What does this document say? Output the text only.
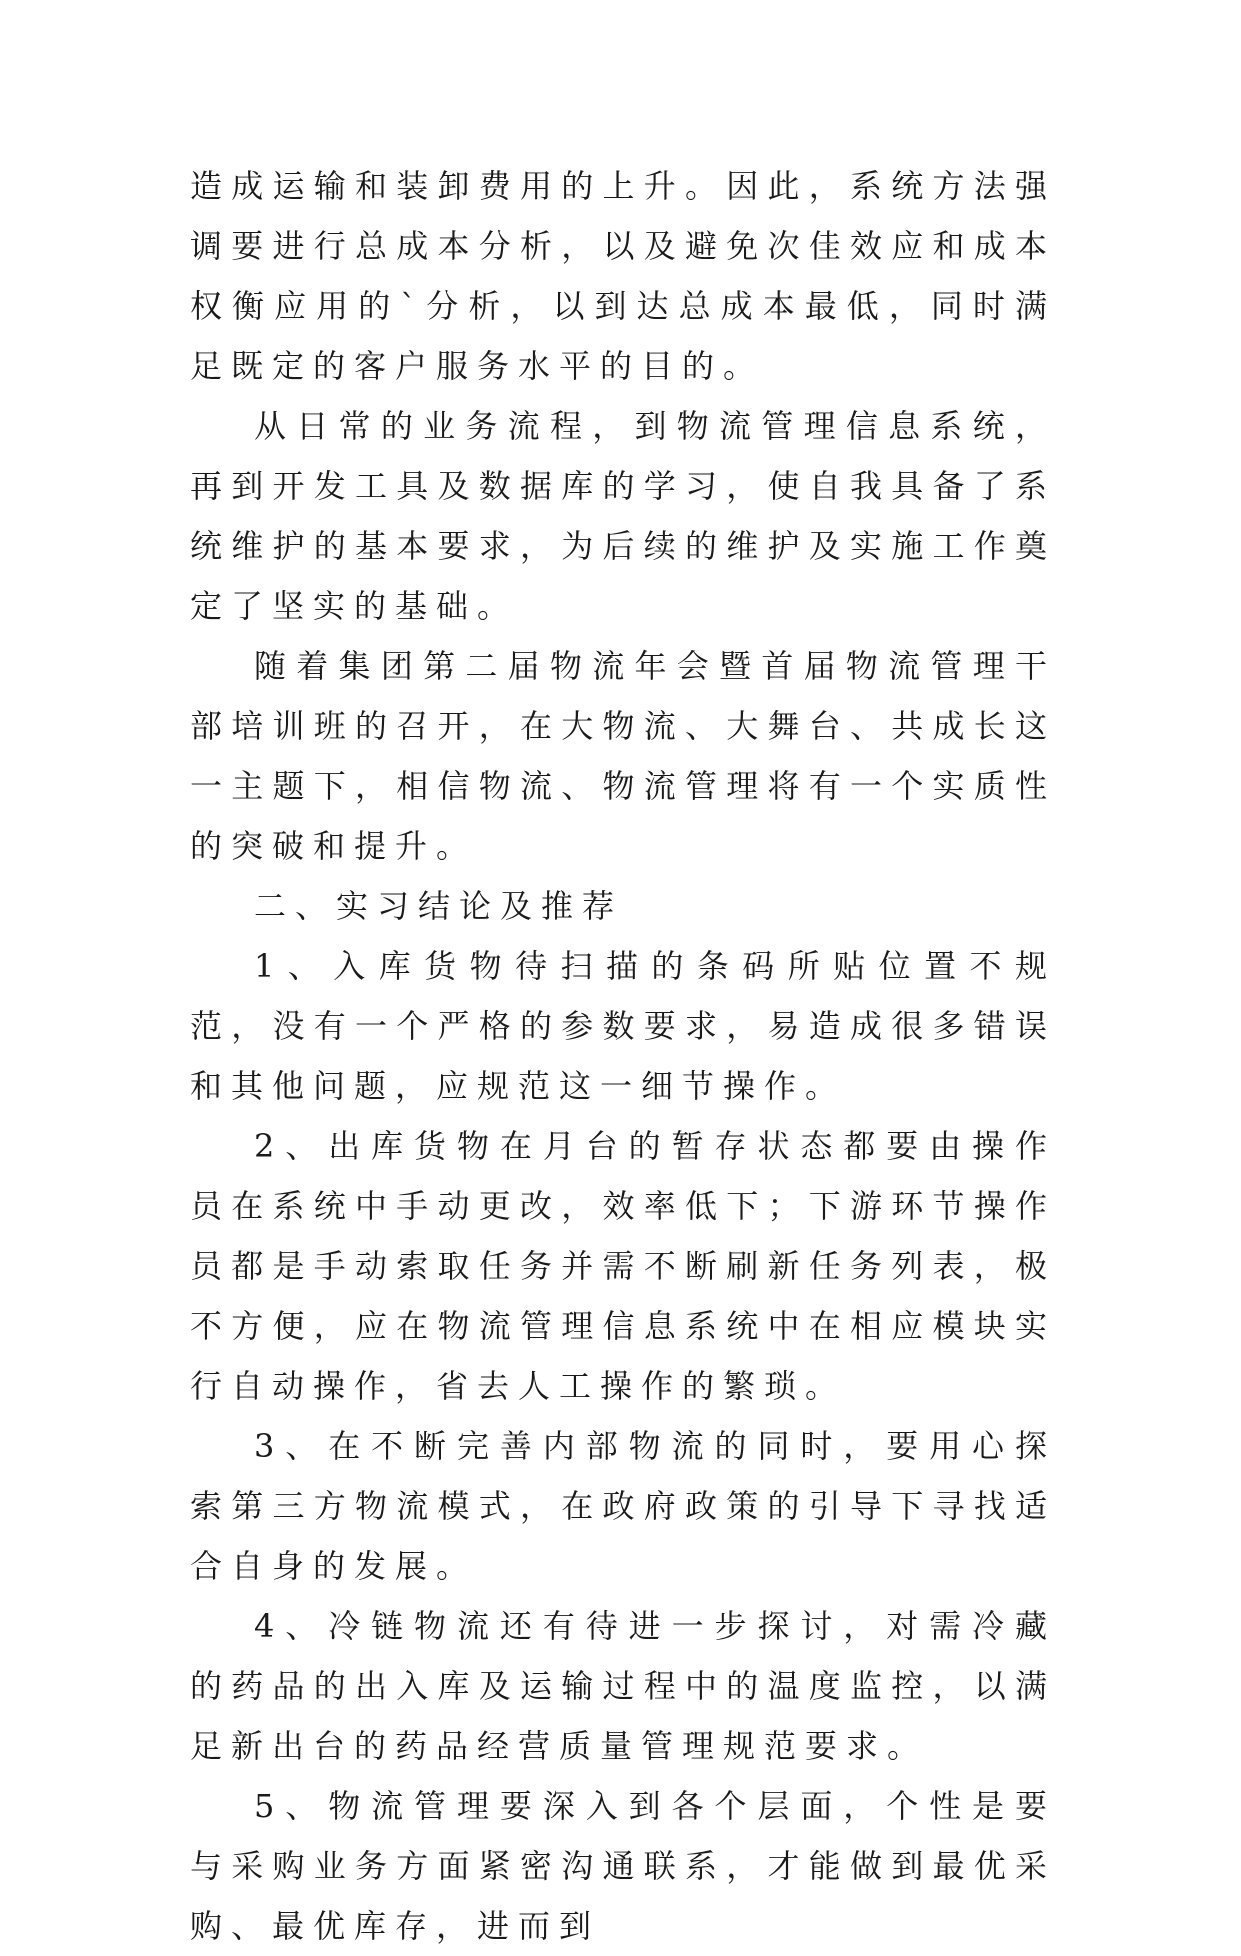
造成运输和装卸费用的上升。因此，系统方法强调要进行总成本分析，以及避免次佳效应和成本权衡应用的`分析，以到达总成本最低，同时满足既定的客户服务水平的目的。

从日常的业务流程，到物流管理信息系统，再到开发工具及数据库的学习，使自我具备了系统维护的基本要求，为后续的维护及实施工作奠定了坚实的基础。

随着集团第二届物流年会暨首届物流管理干部培训班的召开，在大物流、大舞台、共成长这一主题下，相信物流、物流管理将有一个实质性的突破和提升。

二、实习结论及推荐

1、入库货物待扫描的条码所贴位置不规范，没有一个严格的参数要求，易造成很多错误和其他问题，应规范这一细节操作。

2、出库货物在月台的暂存状态都要由操作员在系统中手动更改，效率低下；下游环节操作员都是手动索取任务并需不断刷新任务列表，极不方便，应在物流管理信息系统中在相应模块实行自动操作，省去人工操作的繁琐。

3、在不断完善内部物流的同时，要用心探索第三方物流模式，在政府政策的引导下寻找适合自身的发展。

4、冷链物流还有待进一步探讨，对需冷藏的药品的出入库及运输过程中的温度监控，以满足新出台的药品经营质量管理规范要求。

5、物流管理要深入到各个层面，个性是要与采购业务方面紧密沟通联系，才能做到最优采购、最优库存，进而到
